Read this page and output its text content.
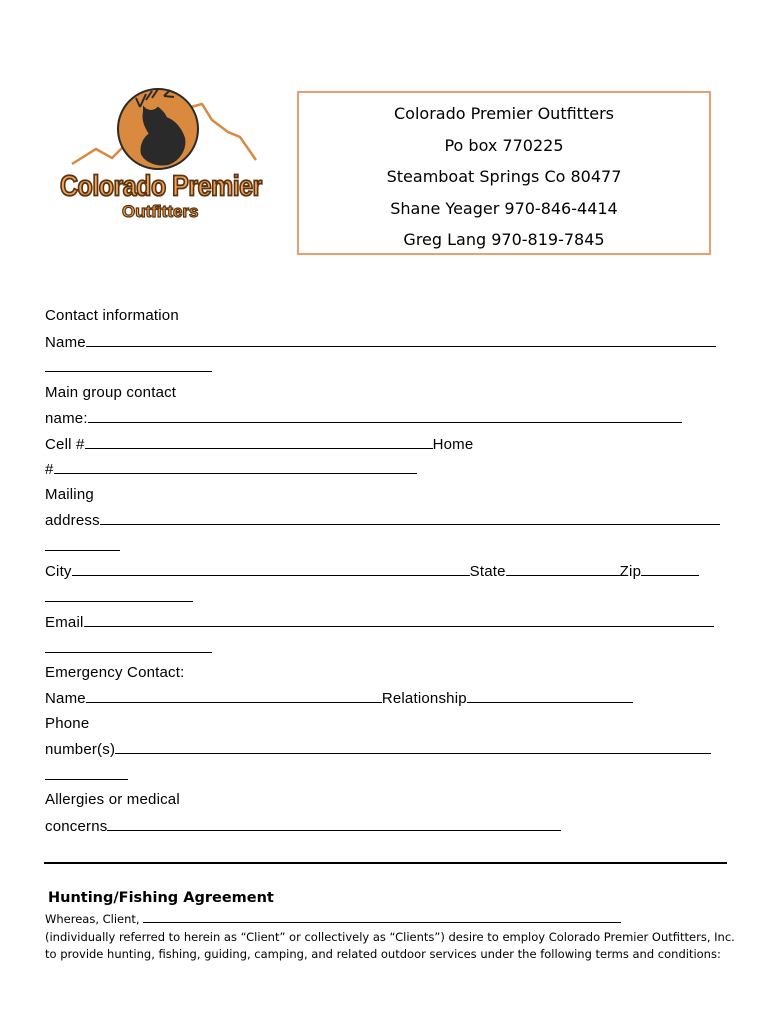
Colorado Premier
Outfitters
Colorado Premier Outfitters
Po box 770225
Steamboat Springs Co 80477
Shane Yeager 970-846-4414
Greg Lang 970-819-7845
Contact information
Name
Main group contact
name:
Cell #	Home
#
Mailing
address
City	State	Zip
Email
Emergency Contact:
Name	Relationship
Phone
number(s)
Allergies or medical
concerns
Hunting/Fishing Agreement
Whereas, Client,
(individually referred to herein as “Client” or collectively as “Clients”) desire to employ Colorado Premier Outfitters, Inc.
to provide hunting, fishing, guiding, camping, and related outdoor services under the following terms and conditions:
